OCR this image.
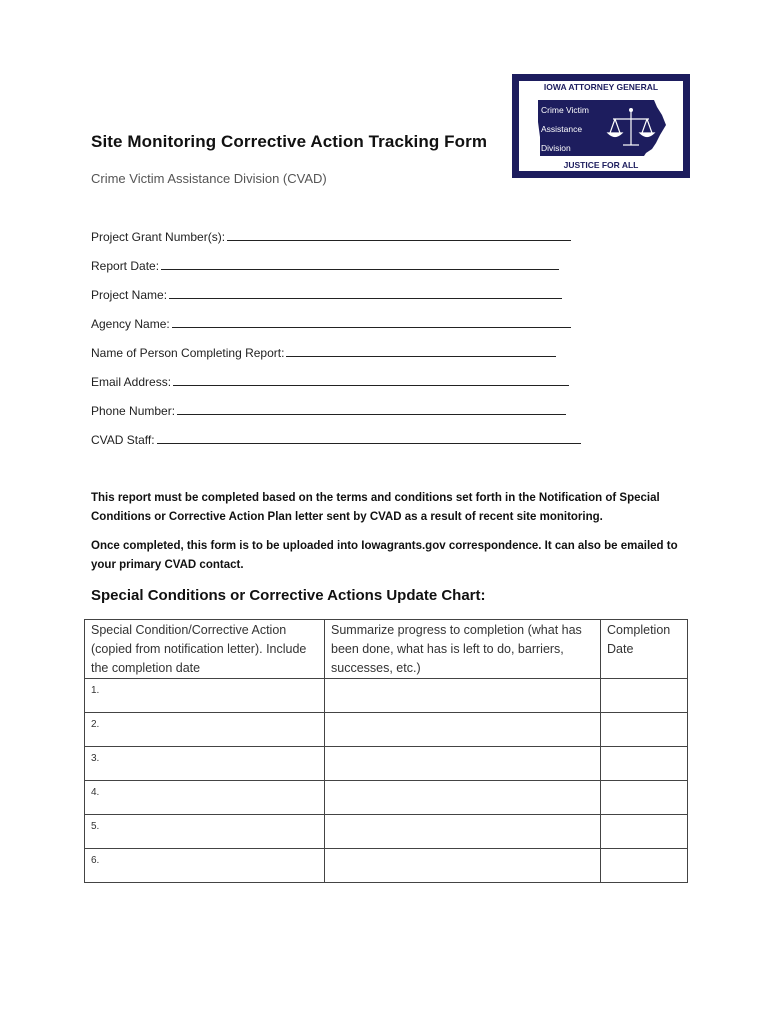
Site Monitoring Corrective Action Tracking Form
Crime Victim Assistance Division (CVAD)
IOWA ATTORNEY GENERAL
Crime Victim
Assistance
Division
JUSTICE FOR ALL
Project Grant Number(s):
Report Date:
Project Name:
Agency Name:
Name of Person Completing Report:
Email Address:
Phone Number:
CVAD Staff:
This report must be completed based on the terms and conditions set forth in the Notification of Special Conditions or Corrective Action Plan letter sent by CVAD as a result of recent site monitoring.
Once completed, this form is to be uploaded into Iowagrants.gov correspondence. It can also be emailed to your primary CVAD contact.
Special Conditions or Corrective Actions Update Chart:
Special Condition/Corrective Action (copied from notification letter). Include the completion date	Summarize progress to completion (what has been done, what has is left to do, barriers, successes, etc.)	Completion Date
1.		
2.		
3.		
4.		
5.		
6.		
